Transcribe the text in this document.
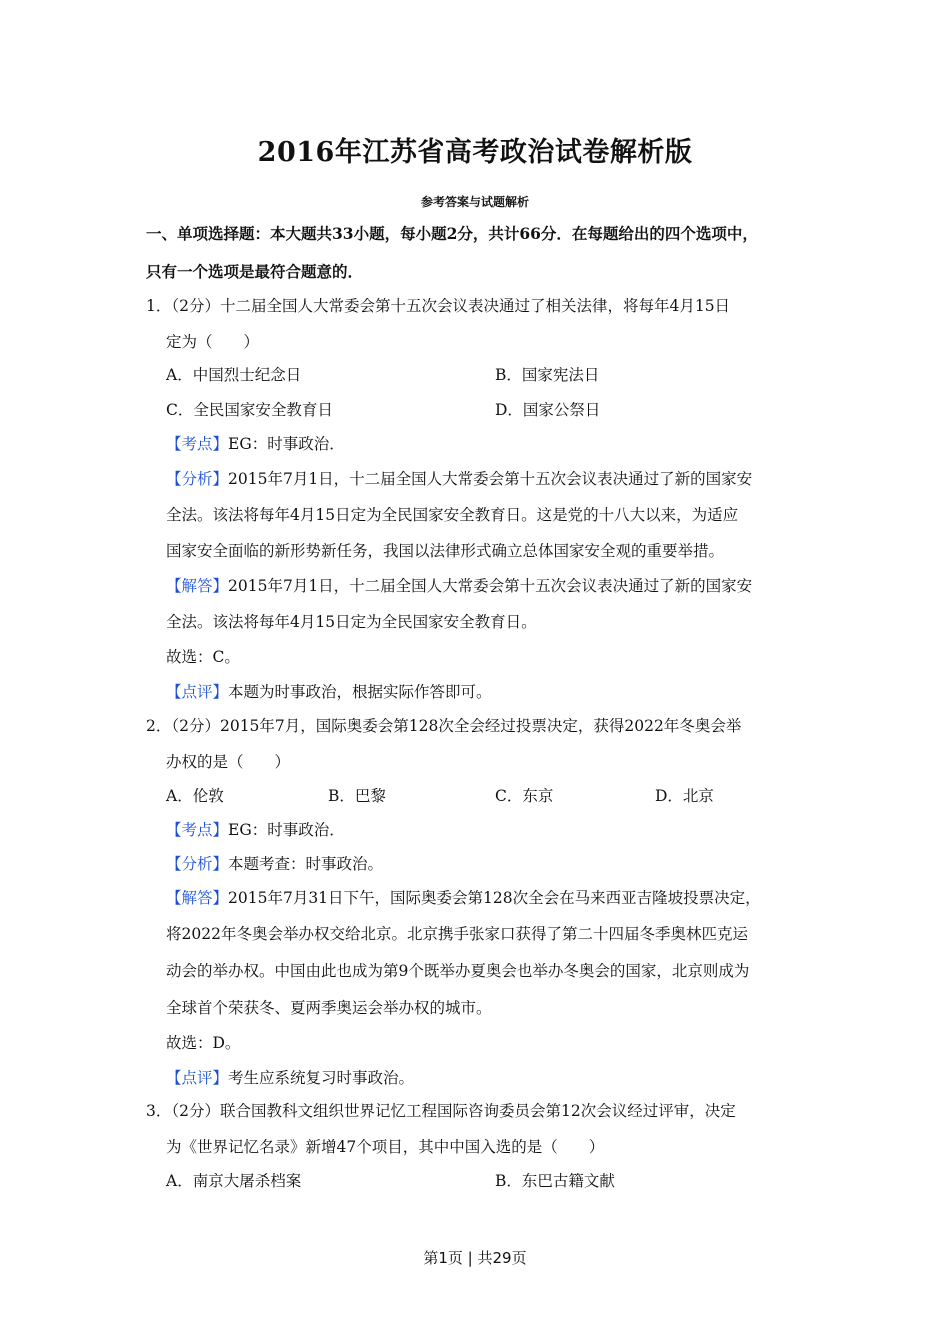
2016年江苏省高考政治试卷解析版
参考答案与试题解析
一、单项选择题：本大题共33小题，每小题2分，共计66分．在每题给出的四个选项中，
只有一个选项是最符合题意的．
1．（2分）十二届全国人大常委会第十五次会议表决通过了相关法律，将每年4月15日
定为（　　）
A．中国烈士纪念日	B．国家宪法日
C．全民国家安全教育日	D．国家公祭日
【考点】EG：时事政治．
【分析】2015年7月1日，十二届全国人大常委会第十五次会议表决通过了新的国家安
全法。该法将每年4月15日定为全民国家安全教育日。这是党的十八大以来，为适应
国家安全面临的新形势新任务，我国以法律形式确立总体国家安全观的重要举措。
【解答】2015年7月1日，十二届全国人大常委会第十五次会议表决通过了新的国家安
全法。该法将每年4月15日定为全民国家安全教育日。
故选：C。
【点评】本题为时事政治，根据实际作答即可。
2．（2分）2015年7月，国际奥委会第128次全会经过投票决定，获得2022年冬奥会举
办权的是（　　）
A．伦敦	B．巴黎	C．东京	D．北京
【考点】EG：时事政治．
【分析】本题考查：时事政治。
【解答】2015年7月31日下午，国际奥委会第128次全会在马来西亚吉隆坡投票决定，
将2022年冬奥会举办权交给北京。北京携手张家口获得了第二十四届冬季奥林匹克运
动会的举办权。中国由此也成为第9个既举办夏奥会也举办冬奥会的国家，北京则成为
全球首个荣获冬、夏两季奥运会举办权的城市。
故选：D。
【点评】考生应系统复习时事政治。
3．（2分）联合国教科文组织世界记忆工程国际咨询委员会第12次会议经过评审，决定
为《世界记忆名录》新增47个项目，其中中国入选的是（　　）
A．南京大屠杀档案	B．东巴古籍文献
第1页 | 共29页
